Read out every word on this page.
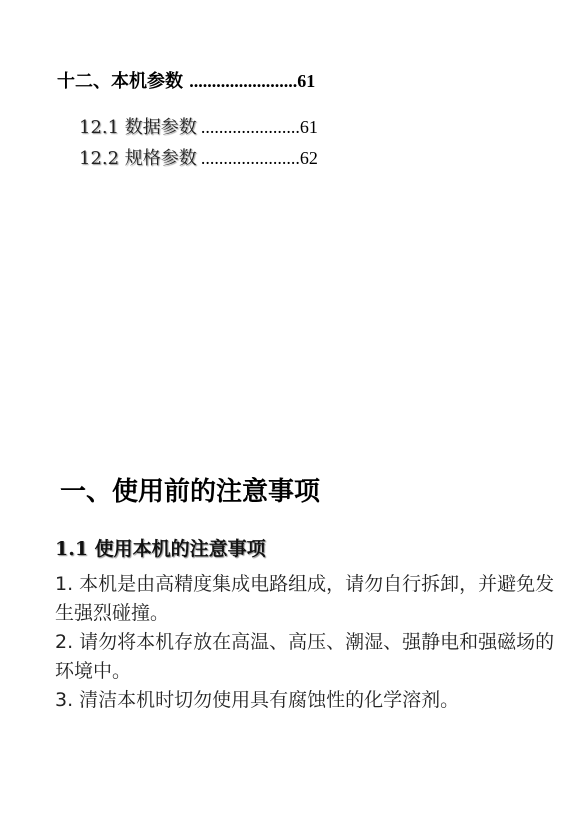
十二、本机参数 ........................61
12.1 数据参数 ......................61
12.2 规格参数 ......................62
一、使用前的注意事项
1.1 使用本机的注意事项

1. 本机是由高精度集成电路组成，请勿自行拆卸，并避免发生强烈碰撞。

2. 请勿将本机存放在高温、高压、潮湿、强静电和强磁场的环境中。

3. 清洁本机时切勿使用具有腐蚀性的化学溶剂。
